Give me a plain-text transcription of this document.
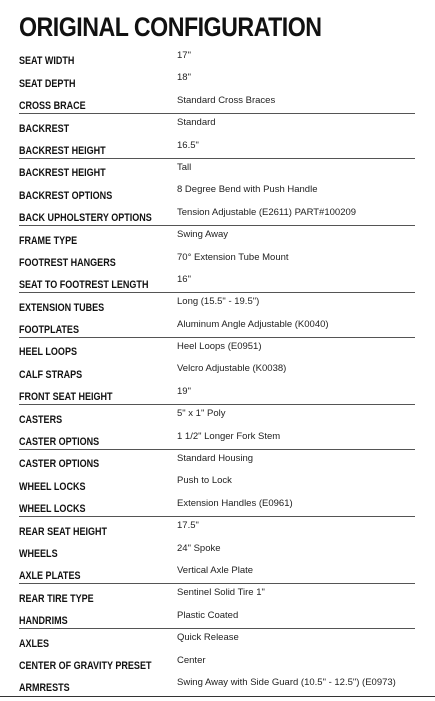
ORIGINAL CONFIGURATION
SEAT WIDTH	17"
SEAT DEPTH	18"
CROSS BRACE	Standard Cross Braces
BACKREST	Standard
BACKREST HEIGHT	16.5"
BACKREST HEIGHT	Tall
BACKREST OPTIONS	8 Degree Bend with Push Handle
BACK UPHOLSTERY OPTIONS	Tension Adjustable (E2611) PART#100209
FRAME TYPE	Swing Away
FOOTREST HANGERS	70° Extension Tube Mount
SEAT TO FOOTREST LENGTH	16"
EXTENSION TUBES	Long (15.5" - 19.5")
FOOTPLATES	Aluminum Angle Adjustable (K0040)
HEEL LOOPS	Heel Loops (E0951)
CALF STRAPS	Velcro Adjustable (K0038)
FRONT SEAT HEIGHT	19"
CASTERS	5" x 1" Poly
CASTER OPTIONS	1 1/2" Longer Fork Stem
CASTER OPTIONS	Standard Housing
WHEEL LOCKS	Push to Lock
WHEEL LOCKS	Extension Handles (E0961)
REAR SEAT HEIGHT	17.5"
WHEELS	24" Spoke
AXLE PLATES	Vertical Axle Plate
REAR TIRE TYPE	Sentinel Solid Tire 1"
HANDRIMS	Plastic Coated
AXLES	Quick Release
CENTER OF GRAVITY PRESET	Center
ARMRESTS	Swing Away with Side Guard (10.5" - 12.5") (E0973)
